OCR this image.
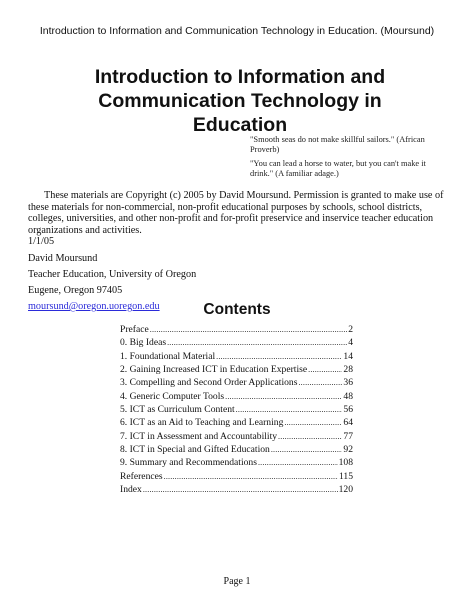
Introduction to Information and Communication Technology in Education. (Moursund)
Introduction to Information and
Communication Technology in
Education

"Smooth seas do not make skillful sailors." (African Proverb)

"You can lead a horse to water, but you can't make it drink." (A familiar adage.)

These materials are Copyright (c) 2005 by David Moursund. Permission is granted to make use of these materials for non-commercial, non-profit educational purposes by schools, school districts, colleges, universities, and other non-profit and for-profit preservice and inservice teacher education organizations and activities.

1/1/05
David Moursund
Teacher Education, University of Oregon
Eugene, Oregon 97405
moursund@oregon.uoregon.edu	Contents
Preface .....	2
0. Big Ideas .....	4
1. Foundational Material .....	14
2. Gaining Increased ICT in Education Expertise .....	28
3. Compelling and Second Order Applications .....	36
4. Generic Computer Tools .....	48
5. ICT as Curriculum Content .....	56
6. ICT as an Aid to Teaching and Learning .....	64
7. ICT in Assessment and Accountability .....	77
8. ICT in Special and Gifted Education .....	92
9. Summary and Recommendations .....	108
References .....	115
Index .....	120
Page 1
